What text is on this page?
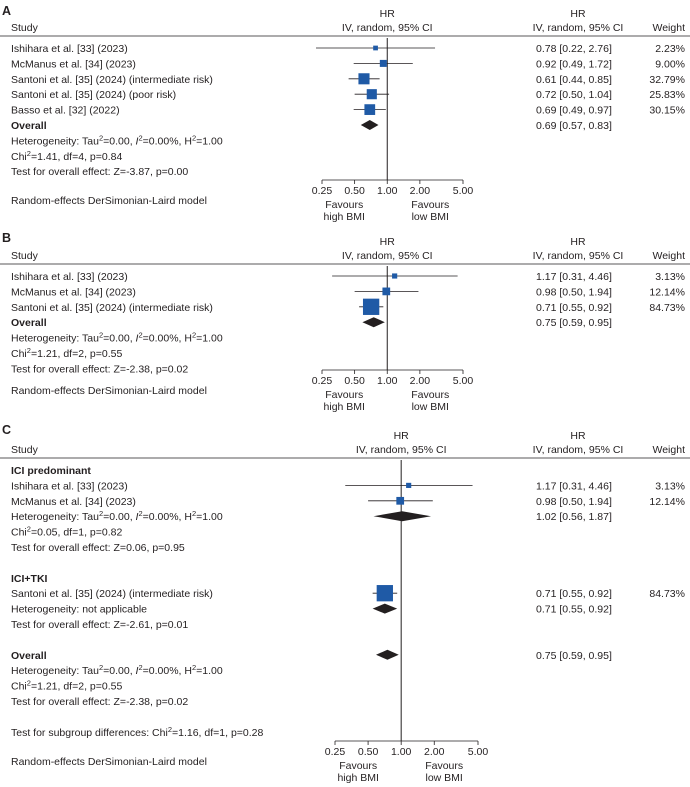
A
Study
HR
IV, random, 95% CI
HR
IV, random, 95% CI	Weight
Ishihara et al. [33] (2023)	0.78 [0.22, 2.76]	2.23%
McManus et al. [34] (2023)	0.92 [0.49, 1.72]	9.00%
Santoni et al. [35] (2024) (intermediate risk)	0.61 [0.44, 0.85]	32.79%
Santoni et al. [35] (2024) (poor risk)	0.72 [0.50, 1.04]	25.83%
Basso et al. [32] (2022)	0.69 [0.49, 0.97]	30.15%
Overall	0.69 [0.57, 0.83]
Heterogeneity: Tau$^2$=0.00, $I^2=0.00\%$, $H^2=1.00$
Chi$^2$=1.41, df=4, p=0.84
Test for overall effect: Z=-3.87, p=0.00
0.25 0.50 1.00 2.00 5.00
Favours
high BMI
Favours
low BMI
Random-effects DerSimonian-Laird model
B
Study
HR
IV, random, 95% CI
HR
IV, random, 95% CI	Weight
Ishihara et al. [33] (2023)	1.17 [0.31, 4.46]	3.13%
McManus et al. [34] (2023)	0.98 [0.50, 1.94]	12.14%
Santoni et al. [35] (2024) (intermediate risk)	0.71 [0.55, 0.92]	84.73%
Overall	0.75 [0.59, 0.95]
Heterogeneity: Tau$^2$=0.00, $I^2=0.00\%$, $H^2=1.00$
Chi$^2$=1.21, df=2, p=0.55
Test for overall effect: Z=-2.38, p=0.02
0.25 0.50 1.00 2.00 5.00
Favours
high BMI
Favours
low BMI
Random-effects DerSimonian-Laird model
C
Study
HR
IV, random, 95% CI
HR
IV, random, 95% CI	Weight
ICI predominant
Ishihara et al. [33] (2023)	1.17 [0.31, 4.46]	3.13%
McManus et al. [34] (2023)	0.98 [0.50, 1.94]	12.14%
Heterogeneity: Tau$^2$=0.00, $I^2=0.00\%$, $H^2=1.00$	1.02 [0.56, 1.87]
Chi$^2$=0.05, df=1, p=0.82
Test for overall effect: Z=0.06, p=0.95
ICI+TKI
Santoni et al. [35] (2024) (intermediate risk)	0.71 [0.55, 0.92]	84.73%
Heterogeneity: not applicable	0.71 [0.55, 0.92]
Test for overall effect: Z=-2.61, p=0.01
Overall	0.75 [0.59, 0.95]
Heterogeneity: Tau$^2$=0.00, $I^2=0.00\%$, $H^2=1.00$
Chi$^2$=1.21, df=2, p=0.55
Test for overall effect: Z=-2.38, p=0.02
Test for subgroup differences: Chi$^2$=1.16, df=1, p=0.28
0.25 0.50 1.00 2.00 5.00
Favours
high BMI
Favours
low BMI
Random-effects DerSimonian-Laird model
